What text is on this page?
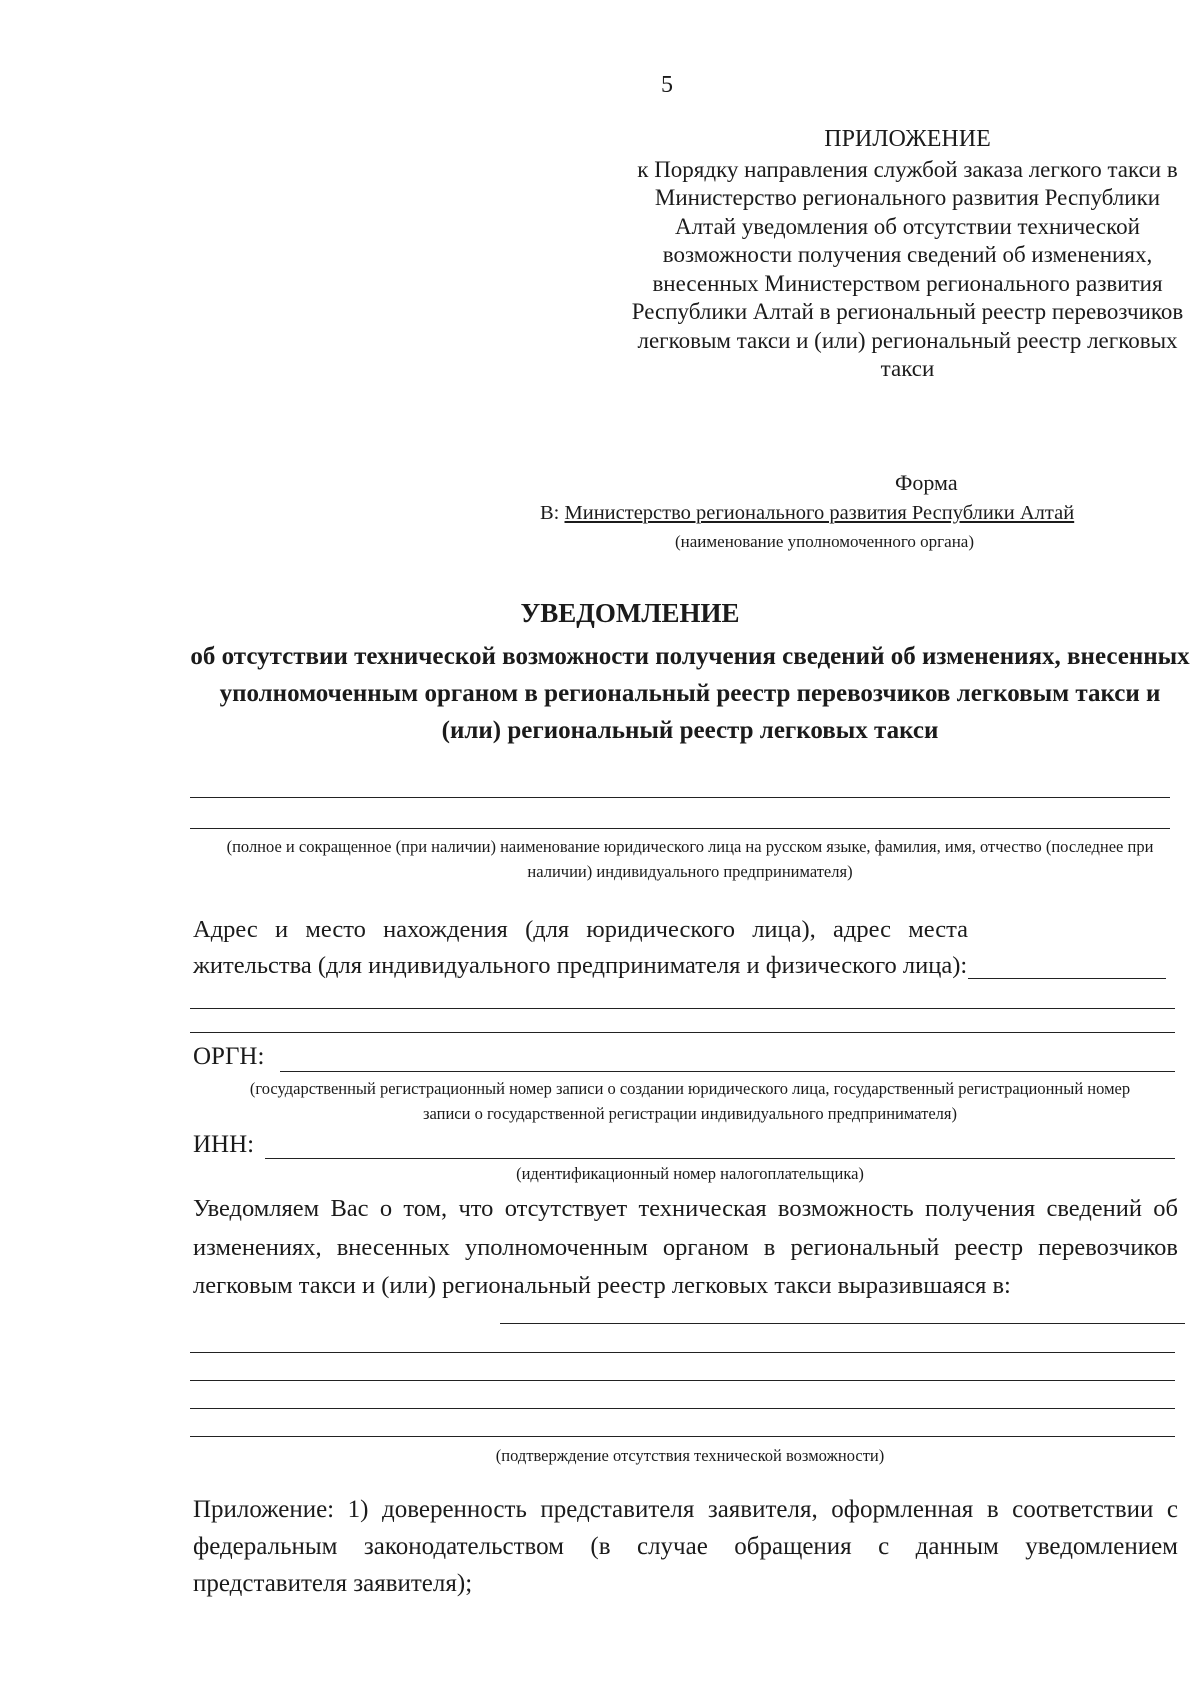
5
ПРИЛОЖЕНИЕ
к Порядку направления службой заказа легкого такси в Министерство регионального развития Республики Алтай уведомления об отсутствии технической возможности получения сведений об изменениях, внесенных Министерством регионального развития Республики Алтай в региональный реестр перевозчиков легковым такси и (или) региональный реестр легковых такси
Форма
В: Министерство регионального развития Республики Алтай
(наименование уполномоченного органа)
УВЕДОМЛЕНИЕ
об отсутствии технической возможности получения сведений об изменениях, внесенных уполномоченным органом в региональный реестр перевозчиков легковым такси и (или) региональный реестр легковых такси
(полное и сокращенное (при наличии) наименование юридического лица на русском языке, фамилия, имя, отчество (последнее при наличии) индивидуального предпринимателя)
Адрес и место нахождения (для юридического лица), адрес места жительства (для индивидуального предпринимателя и физического лица):
ОРГН:
(государственный регистрационный номер записи о создании юридического лица, государственный регистрационный номер записи о государственной регистрации индивидуального предпринимателя)
ИНН:
(идентификационный номер налогоплательщика)
Уведомляем Вас о том, что отсутствует техническая возможность получения сведений об изменениях, внесенных уполномоченным органом в региональный реестр перевозчиков легковым такси и (или) региональный реестр легковых такси выразившаяся в:
(подтверждение отсутствия технической возможности)
Приложение: 1) доверенность представителя заявителя, оформленная в соответствии с федеральным законодательством (в случае обращения с данным уведомлением представителя заявителя);
